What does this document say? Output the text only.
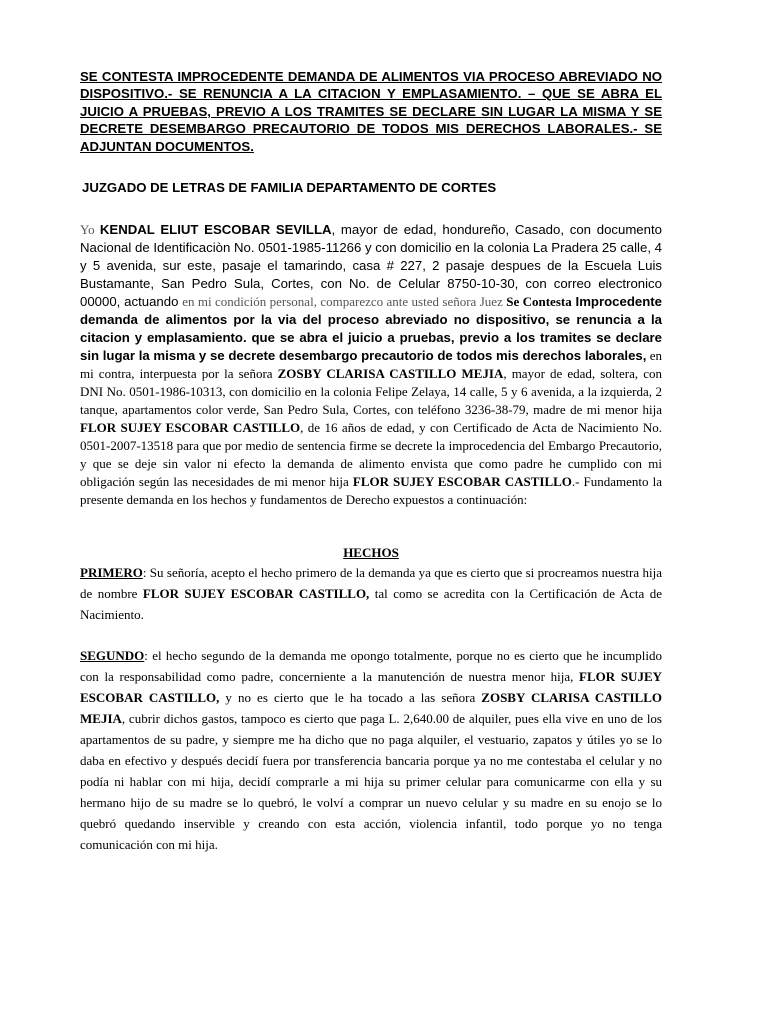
SE CONTESTA IMPROCEDENTE DEMANDA DE ALIMENTOS VIA PROCESO ABREVIADO NO DISPOSITIVO.- SE RENUNCIA A LA CITACION Y EMPLASAMIENTO. – QUE SE ABRA EL JUICIO A PRUEBAS, PREVIO A LOS TRAMITES SE DECLARE SIN LUGAR LA MISMA Y SE DECRETE DESEMBARGO PRECAUTORIO DE TODOS MIS DERECHOS LABORALES.- SE ADJUNTAN DOCUMENTOS.

JUZGADO DE LETRAS DE FAMILIA DEPARTAMENTO DE CORTES

Yo KENDAL ELIUT ESCOBAR SEVILLA, mayor de edad, hondureño, Casado, con documento Nacional de Identificaciòn No. 0501-1985-11266 y con domicilio en la colonia La Pradera 25 calle, 4 y 5 avenida, sur este, pasaje el tamarindo, casa # 227, 2 pasaje despues de la Escuela Luis Bustamante, San Pedro Sula, Cortes, con No. de Celular 8750-10-30, con correo electronico 00000, actuando en mi condición personal, comparezco ante usted señora Juez Se Contesta Improcedente demanda de alimentos por la via del proceso abreviado no dispositivo, se renuncia a la citacion y emplasamiento. que se abra el juicio a pruebas, previo a los tramites se declare sin lugar la misma y se decrete desembargo precautorio de todos mis derechos laborales, en mi contra, interpuesta por la señora ZOSBY CLARISA CASTILLO MEJIA, mayor de edad, soltera, con DNI No. 0501-1986-10313, con domicilio en la colonia Felipe Zelaya, 14 calle, 5 y 6 avenida, a la izquierda, 2 tanque, apartamentos color verde, San Pedro Sula, Cortes, con teléfono 3236-38-79, madre de mi menor hija FLOR SUJEY ESCOBAR CASTILLO, de 16 años de edad, y con Certificado de Acta de Nacimiento No. 0501-2007-13518 para que por medio de sentencia firme se decrete la improcedencia del Embargo Precautorio, y que se deje sin valor ni efecto la demanda de alimento envista que como padre he cumplido con mi obligación según las necesidades de mi menor hija FLOR SUJEY ESCOBAR CASTILLO.- Fundamento la presente demanda en los hechos y fundamentos de Derecho expuestos a continuación:

HECHOS

PRIMERO: Su señoría, acepto el hecho primero de la demanda ya que es cierto que si procreamos nuestra hija de nombre FLOR SUJEY ESCOBAR CASTILLO, tal como se acredita con la Certificación de Acta de Nacimiento.

SEGUNDO: el hecho segundo de la demanda me opongo totalmente, porque no es cierto que he incumplido con la responsabilidad como padre, concerniente a la manutención de nuestra menor hija, FLOR SUJEY ESCOBAR CASTILLO, y no es cierto que le ha tocado a las señora ZOSBY CLARISA CASTILLO MEJIA, cubrir dichos gastos, tampoco es cierto que paga L. 2,640.00 de alquiler, pues ella vive en uno de los apartamentos de su padre, y siempre me ha dicho que no paga alquiler, el vestuario, zapatos y útiles yo se lo daba en efectivo y después decidí fuera por transferencia bancaria porque ya no me contestaba el celular y no podía ni hablar con mi hija, decidí comprarle a mi hija su primer celular para comunicarme con ella y su hermano hijo de su madre se lo quebró, le volví a comprar un nuevo celular y su madre en su enojo se lo quebró quedando inservible y creando con esta acción, violencia infantil, todo porque yo no tenga comunicación con mi hija.
